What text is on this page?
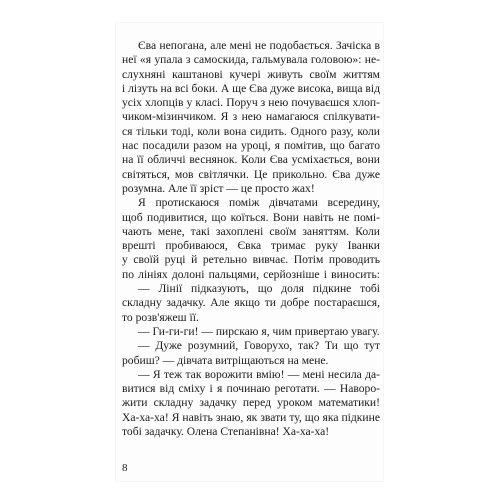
Єва непогана, але мені не подобається. Зачіска в
неї «я упала з самоскида, гальмувала головою»: не-
слухняні каштанові кучері живуть своїм життям
і лізуть на всі боки. А ще Єва дуже висока, вища від
усіх хлопців у класі. Поруч з нею почуваєшся хлоп-
чиком-мізинчиком. Я з нею намагаюся спілкувати-
ся тільки тоді, коли вона сидить. Одного разу, коли
нас посадили разом на уроці, я помітив, що багато
на її обличчі веснянок. Коли Єва усміхається, вони
світяться, мов світлячки. Це прикольно. Єва дуже
розумна. Але її зріст — це просто жах!
Я протискаюся поміж дівчатами всередину,
щоб подивитися, що коїться. Вони навіть не помі-
чають мене, такі захоплені своїм заняттям. Коли
врешті пробиваюся, Євка тримає руку Іванки
у своїй руці й ретельно вивчає. Потім проводить
по лініях долоні пальцями, серйозніше і виносить:
— Лінії підказують, що доля підкине тобі
складну задачку. Але якщо ти добре постараєшся,
то розв'яжеш її.
— Ги-ги-ги! — пирскаю я, чим привертаю увагу.
— Дуже розумний, Говорухо, так? Ти що тут
робиш? — дівчата витріщаються на мене.
— Я теж так ворожити вмію! — мені несила да-
витися від сміху і я починаю реготати. — Наворо-
жити складну задачку перед уроком математики!
Ха-ха-ха! Я навіть знаю, як звати ту, що яка підкине
тобі задачку. Олена Степанівна! Ха-ха-ха!
8
